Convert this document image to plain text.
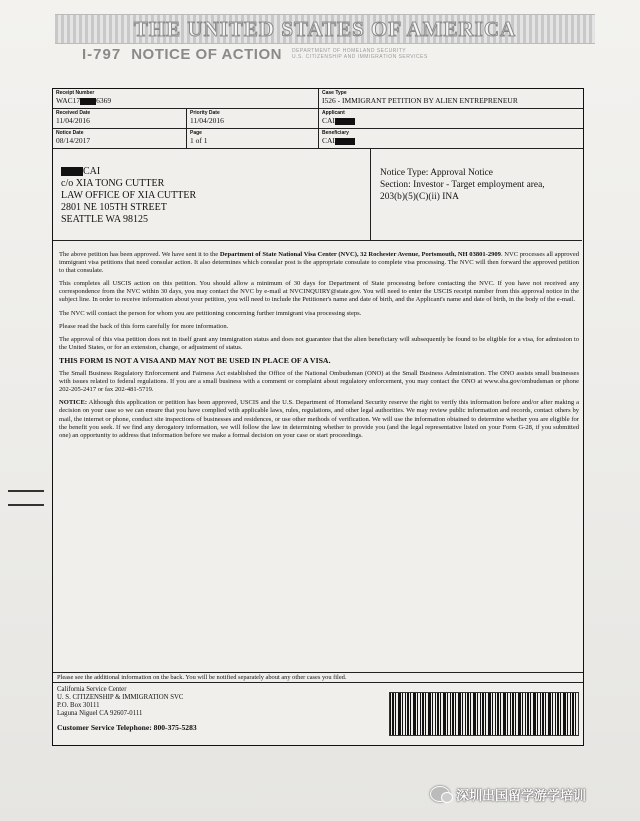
THE UNITED STATES OF AMERICA
I-797 NOTICE OF ACTION DEPARTMENT OF HOMELAND SECURITY
U.S. CITIZENSHIP AND IMMIGRATION SERVICES
Receipt Number
WAC17 6369
Case Type
I526 - IMMIGRANT PETITION BY ALIEN ENTREPRENEUR
Received Date
11/04/2016
Priority Date
11/04/2016
Applicant
CAI
Notice Date
08/14/2017
Page
1 of 1
Beneficiary
CAI
CAI
c/o XIA TONG CUTTER
LAW OFFICE OF XIA CUTTER
2801 NE 105TH STREET
SEATTLE WA 98125
Notice Type: Approval Notice
Section: Investor - Target employment area,
203(b)(5)(C)(ii) INA

The above petition has been approved. We have sent it to the Department of State National Visa Center (NVC), 32 Rochester Avenue, Portsmouth, NH 03801-2909. NVC processes all approved immigrant visa petitions that need consular action. It also determines which consular post is the appropriate consulate to complete visa processing. The NVC will then forward the approved petition to that consulate.

This completes all USCIS action on this petition. You should allow a minimum of 30 days for Department of State processing before contacting the NVC. If you have not received any correspondence from the NVC within 30 days, you may contact the NVC by e-mail at NVCINQUIRY@state.gov. You will need to enter the USCIS receipt number from this approval notice in the subject line. In order to receive information about your petition, you will need to include the Petitioner's name and date of birth, and the Applicant's name and date of birth, in the body of the e-mail.

The NVC will contact the person for whom you are petitioning concerning further immigrant visa processing steps.

Please read the back of this form carefully for more information.

The approval of this visa petition does not in itself grant any immigration status and does not guarantee that the alien beneficiary will subsequently be found to be eligible for a visa, for admission to the United States, or for an extension, change, or adjustment of status.

THIS FORM IS NOT A VISA AND MAY NOT BE USED IN PLACE OF A VISA.

The Small Business Regulatory Enforcement and Fairness Act established the Office of the National Ombudsman (ONO) at the Small Business Administration. The ONO assists small businesses with issues related to federal regulations. If you are a small business with a comment or complaint about regulatory enforcement, you may contact the ONO at www.sba.gov/ombudsman or phone 202-205-2417 or fax 202-481-5719.

NOTICE: Although this application or petition has been approved, USCIS and the U.S. Department of Homeland Security reserve the right to verify this information before and/or after making a decision on your case so we can ensure that you have complied with applicable laws, rules, regulations, and other legal authorities. We may review public information and records, contact others by mail, the internet or phone, conduct site inspections of businesses and residences, or use other methods of verification. We will use the information obtained to determine whether you are eligible for the benefit you seek. If we find any derogatory information, we will follow the law in determining whether to provide you (and the legal representative listed on your Form G-28, if you submitted one) an opportunity to address that information before we make a formal decision on your case or start proceedings.

Please see the additional information on the back. You will be notified separately about any other cases you filed.
California Service Center
U. S. CITIZENSHIP & IMMIGRATION SVC
P.O. Box 30111
Laguna Niguel CA 92607-0111
Customer Service Telephone: 800-375-5283
深圳出国留学游学培训
